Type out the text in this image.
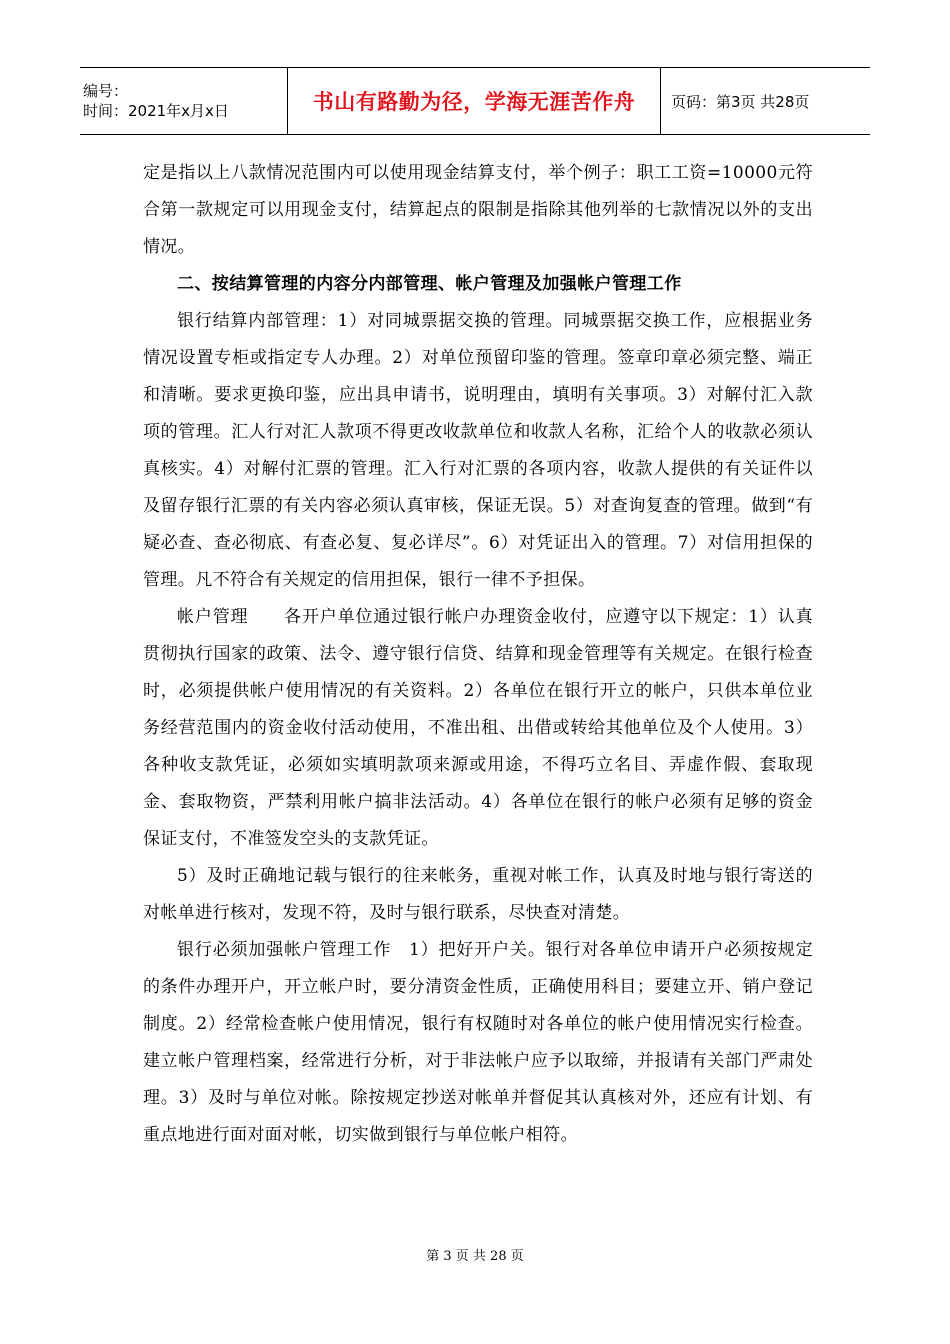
编号：
时间：2021年x月x日	书山有路勤为径，学海无涯苦作舟	页码：第3页 共28页

定是指以上八款情况范围内可以使用现金结算支付，举个例子：职工工资=10000元符合第一款规定可以用现金支付，结算起点的限制是指除其他列举的七款情况以外的支出情况。

二、按结算管理的内容分内部管理、帐户管理及加强帐户管理工作

银行结算内部管理：1）对同城票据交换的管理。同城票据交换工作，应根据业务情况设置专柜或指定专人办理。2）对单位预留印鉴的管理。签章印章必须完整、端正和清晰。要求更换印鉴，应出具申请书，说明理由，填明有关事项。3）对解付汇入款项的管理。汇人行对汇人款项不得更改收款单位和收款人名称，汇给个人的收款必须认真核实。4）对解付汇票的管理。汇入行对汇票的各项内容，收款人提供的有关证件以及留存银行汇票的有关内容必须认真审核，保证无误。5）对查询复查的管理。做到“有疑必查、查必彻底、有查必复、复必详尽”。6）对凭证出入的管理。7）对信用担保的管理。凡不符合有关规定的信用担保，银行一律不予担保。

帐户管理　　各开户单位通过银行帐户办理资金收付，应遵守以下规定：1）认真贯彻执行国家的政策、法令、遵守银行信贷、结算和现金管理等有关规定。在银行检查时，必须提供帐户使用情况的有关资料。2）各单位在银行开立的帐户，只供本单位业务经营范围内的资金收付活动使用，不准出租、出借或转给其他单位及个人使用。3）各种收支款凭证，必须如实填明款项来源或用途，不得巧立名目、弄虚作假、套取现金、套取物资，严禁利用帐户搞非法活动。4）各单位在银行的帐户必须有足够的资金保证支付，不准签发空头的支款凭证。

5）及时正确地记载与银行的往来帐务，重视对帐工作，认真及时地与银行寄送的对帐单进行核对，发现不符，及时与银行联系，尽快查对清楚。

银行必须加强帐户管理工作　1）把好开户关。银行对各单位申请开户必须按规定的条件办理开户，开立帐户时，要分清资金性质，正确使用科目；要建立开、销户登记制度。2）经常检查帐户使用情况，银行有权随时对各单位的帐户使用情况实行检查。建立帐户管理档案，经常进行分析，对于非法帐户应予以取缔，并报请有关部门严肃处理。3）及时与单位对帐。除按规定抄送对帐单并督促其认真核对外，还应有计划、有重点地进行面对面对帐，切实做到银行与单位帐户相符。

第 3 页 共 28 页
